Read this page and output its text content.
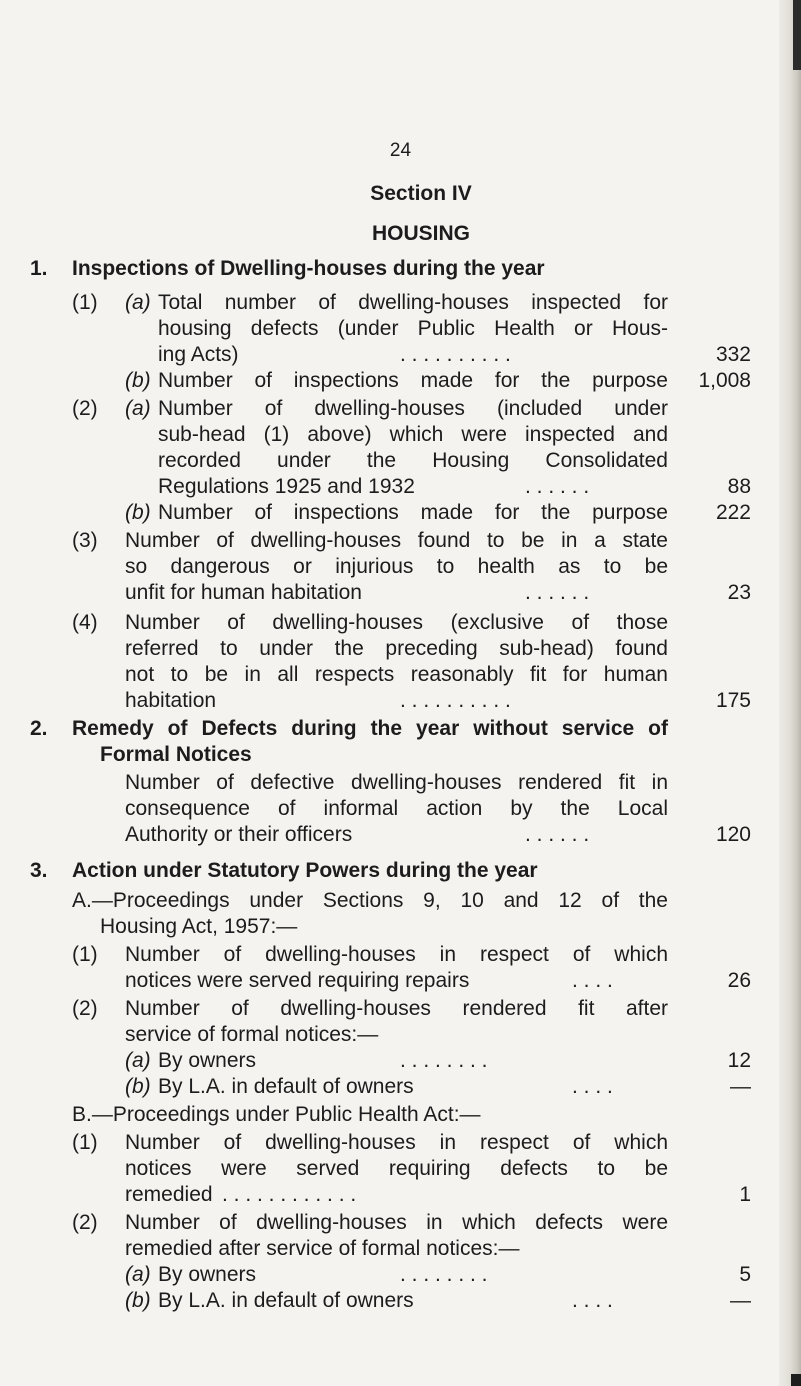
24
Section IV
HOUSING
1. Inspections of Dwelling-houses during the year
(1) (a) Total number of dwelling-houses inspected for
housing defects (under Public Health or Hous-
ing Acts)	. . . . . . . . . .	332
(b) Number of inspections made for the purpose	1,008
(2) (a) Number of dwelling-houses (included under
sub-head (1) above) which were inspected and
recorded under the Housing Consolidated
Regulations 1925 and 1932	. . . . . .	88
(b) Number of inspections made for the purpose	222
(3) Number of dwelling-houses found to be in a state
so dangerous or injurious to health as to be
unfit for human habitation	. . . . . .	23
(4) Number of dwelling-houses (exclusive of those
referred to under the preceding sub-head) found
not to be in all respects reasonably fit for human
habitation	. . . . . . . . . .	175
2. Remedy of Defects during the year without service of
Formal Notices
Number of defective dwelling-houses rendered fit in
consequence of informal action by the Local
Authority or their officers	. . . . . .	120
3. Action under Statutory Powers during the year
A.—Proceedings under Sections 9, 10 and 12 of the
Housing Act, 1957:—
(1) Number of dwelling-houses in respect of which
notices were served requiring repairs	. . . .	26
(2) Number of dwelling-houses rendered fit after
service of formal notices:—
(a) By owners	. . . . . . . .	12
(b) By L.A. in default of owners	. . . .	—
B.—Proceedings under Public Health Act:—
(1) Number of dwelling-houses in respect of which
notices were served requiring defects to be
remedied . . . . . . . . . . . .	1
(2) Number of dwelling-houses in which defects were
remedied after service of formal notices:—
(a) By owners	. . . . . . . .	5
(b) By L.A. in default of owners	. . . .	—
